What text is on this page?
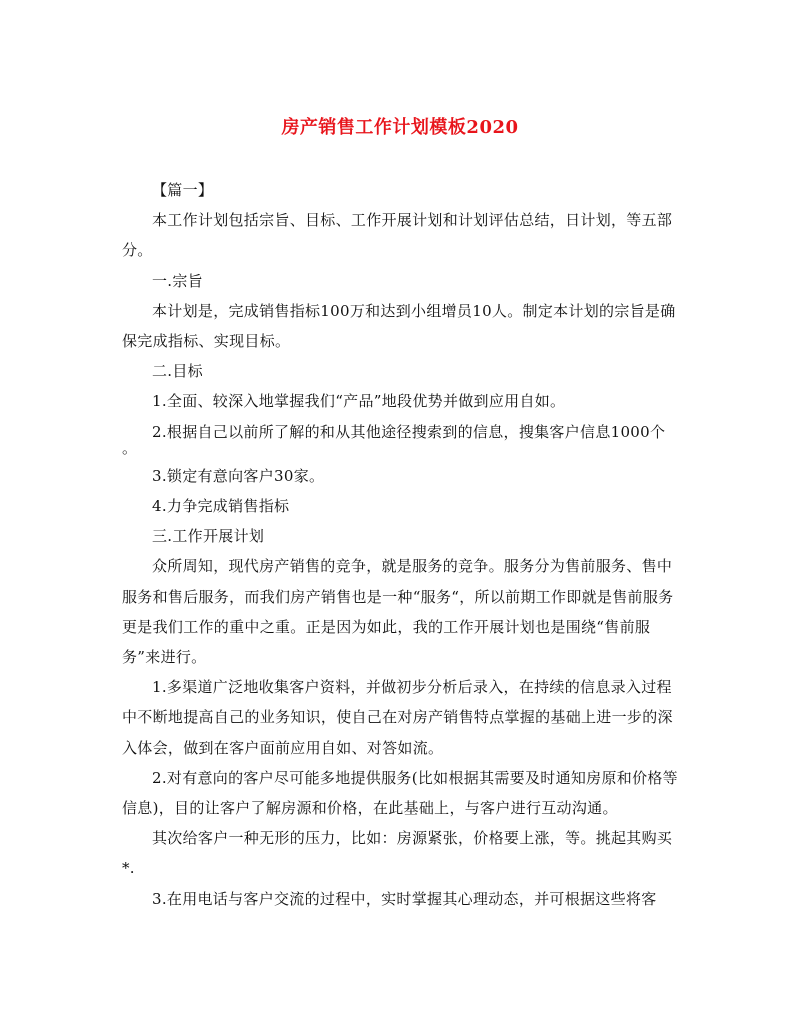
房产销售工作计划模板2020

【篇一】

本工作计划包括宗旨、目标、工作开展计划和计划评估总结，日计划，等五部分。

一.宗旨

本计划是，完成销售指标100万和达到小组增员10人。制定本计划的宗旨是确保完成指标、实现目标。

二.目标

1.全面、较深入地掌握我们“产品”地段优势并做到应用自如。

2.根据自己以前所了解的和从其他途径搜索到的信息，搜集客户信息1000个

。

3.锁定有意向客户30家。

4.力争完成销售指标

三.工作开展计划

众所周知，现代房产销售的竞争，就是服务的竞争。服务分为售前服务、售中服务和售后服务，而我们房产销售也是一种“服务“，所以前期工作即就是售前服务更是我们工作的重中之重。正是因为如此，我的工作开展计划也是围绕“售前服务”来进行。

1.多渠道广泛地收集客户资料，并做初步分析后录入，在持续的信息录入过程中不断地提高自己的业务知识，使自己在对房产销售特点掌握的基础上进一步的深入体会，做到在客户面前应用自如、对答如流。

2.对有意向的客户尽可能多地提供服务(比如根据其需要及时通知房原和价格等信息)，目的让客户了解房源和价格，在此基础上，与客户进行互动沟通。

其次给客户一种无形的压力，比如：房源紧张，价格要上涨，等。挑起其购买*.

3.在用电话与客户交流的过程中，实时掌握其心理动态，并可根据这些将客
